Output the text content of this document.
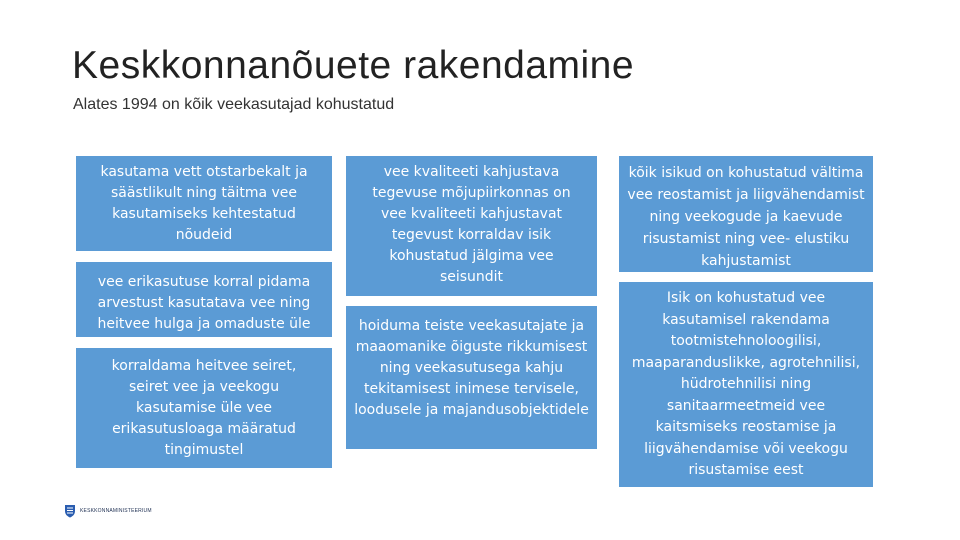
Keskkonnanõuete rakendamine
Alates 1994 on kõik veekasutajad kohustatud
kasutama vett otstarbekalt ja säästlikult ning täitma vee kasutamiseks kehtestatud nõudeid
vee erikasutuse korral pidama arvestust kasutatava vee ning heitvee hulga ja omaduste üle
korraldama heitvee seiret, seiret vee ja veekogu kasutamise üle vee erikasutusloaga määratud tingimustel
vee kvaliteeti kahjustava tegevuse mõjupiirkonnas on vee kvaliteeti kahjustavat tegevust korraldav isik kohustatud jälgima vee seisundit
hoiduma teiste veekasutajate ja maaomanike õiguste rikkumisest ning veekasutusega kahju tekitamisest inimese tervisele, loodusele ja majandusobjektidele
kõik isikud on kohustatud vältima vee reostamist ja liigvähendamist ning veekogude ja kaevude risustamist ning vee- elustiku kahjustamist
Isik on kohustatud vee kasutamisel rakendama tootmistehnoloogilisi, maaparanduslikke, agrotehnilisi, hüdrotehnilisi ning sanitaarmeetmeid vee kaitsmiseks reostamise ja liigvähendamise või veekogu risustamise eest
KESKKONNAMINISTEERIUM
